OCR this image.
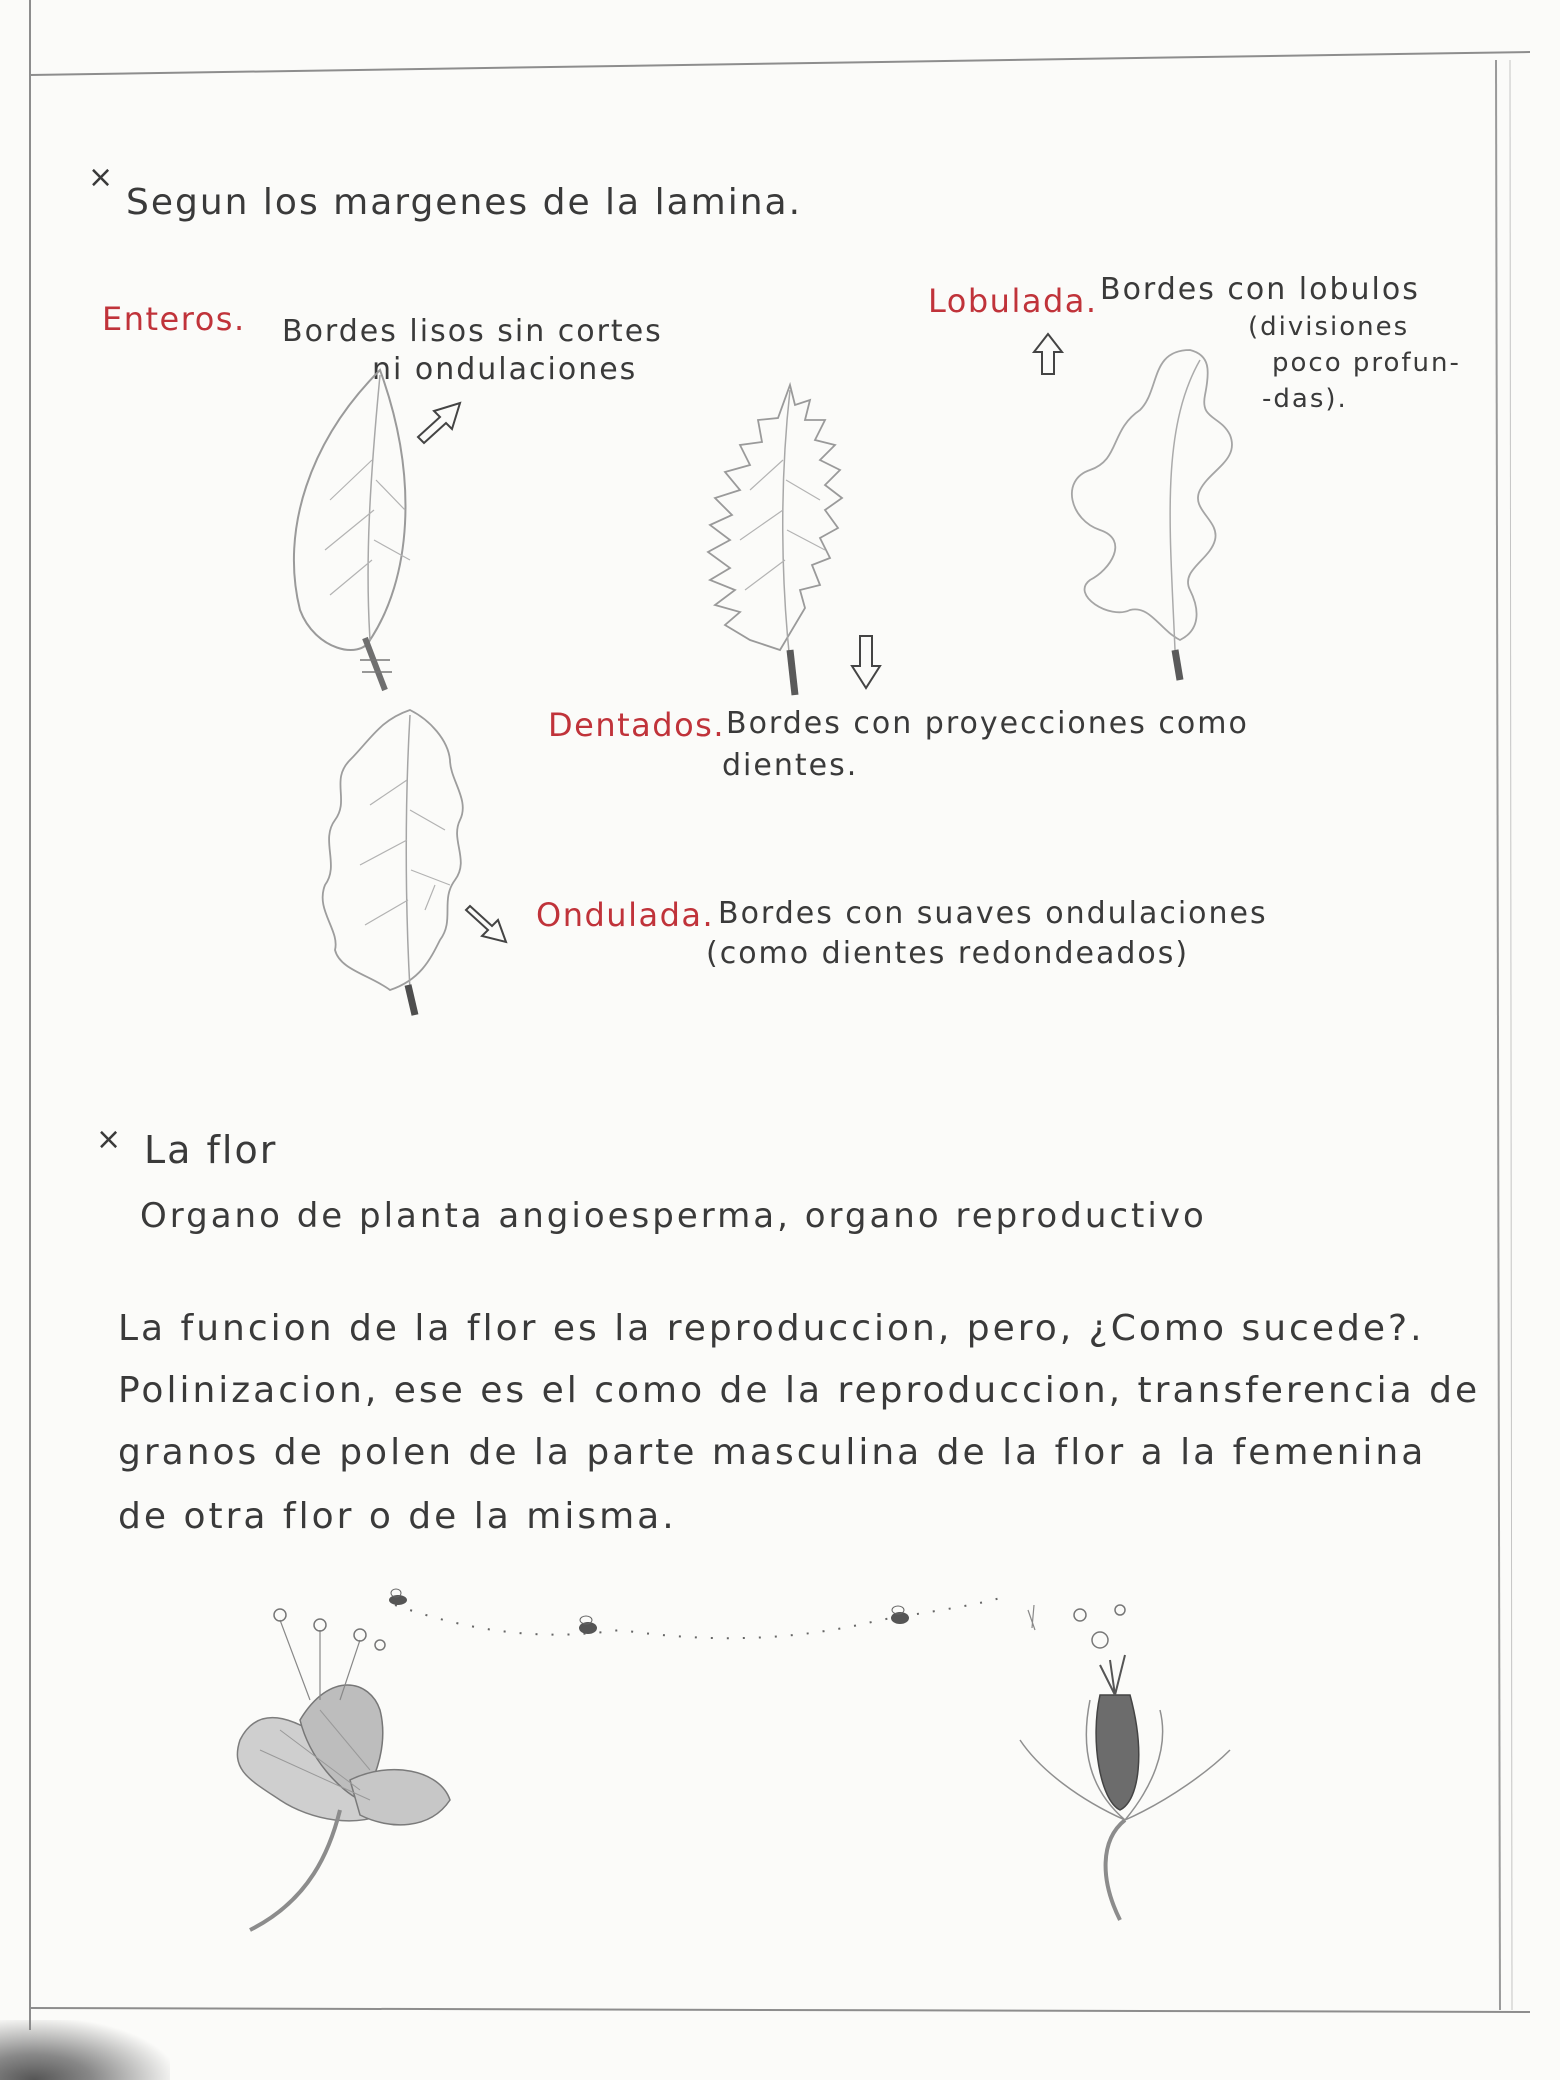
×
Segun los margenes de la lamina.
Enteros. Bordes lisos sin cortes
ni ondulaciones
Lobulada. Bordes con lobulos
(divisiones
poco profun-
-das).
Dentados. Bordes con proyecciones como
dientes.
Ondulada. Bordes con suaves ondulaciones
(como dientes redondeados)
× La flor
Organo de planta angioesperma, organo reproductivo
La funcion de la flor es la reproduccion, pero, ¿Como sucede?.
Polinizacion, ese es el como de la reproduccion, transferencia de
granos de polen de la parte masculina de la flor a la femenina
de otra flor o de la misma.
